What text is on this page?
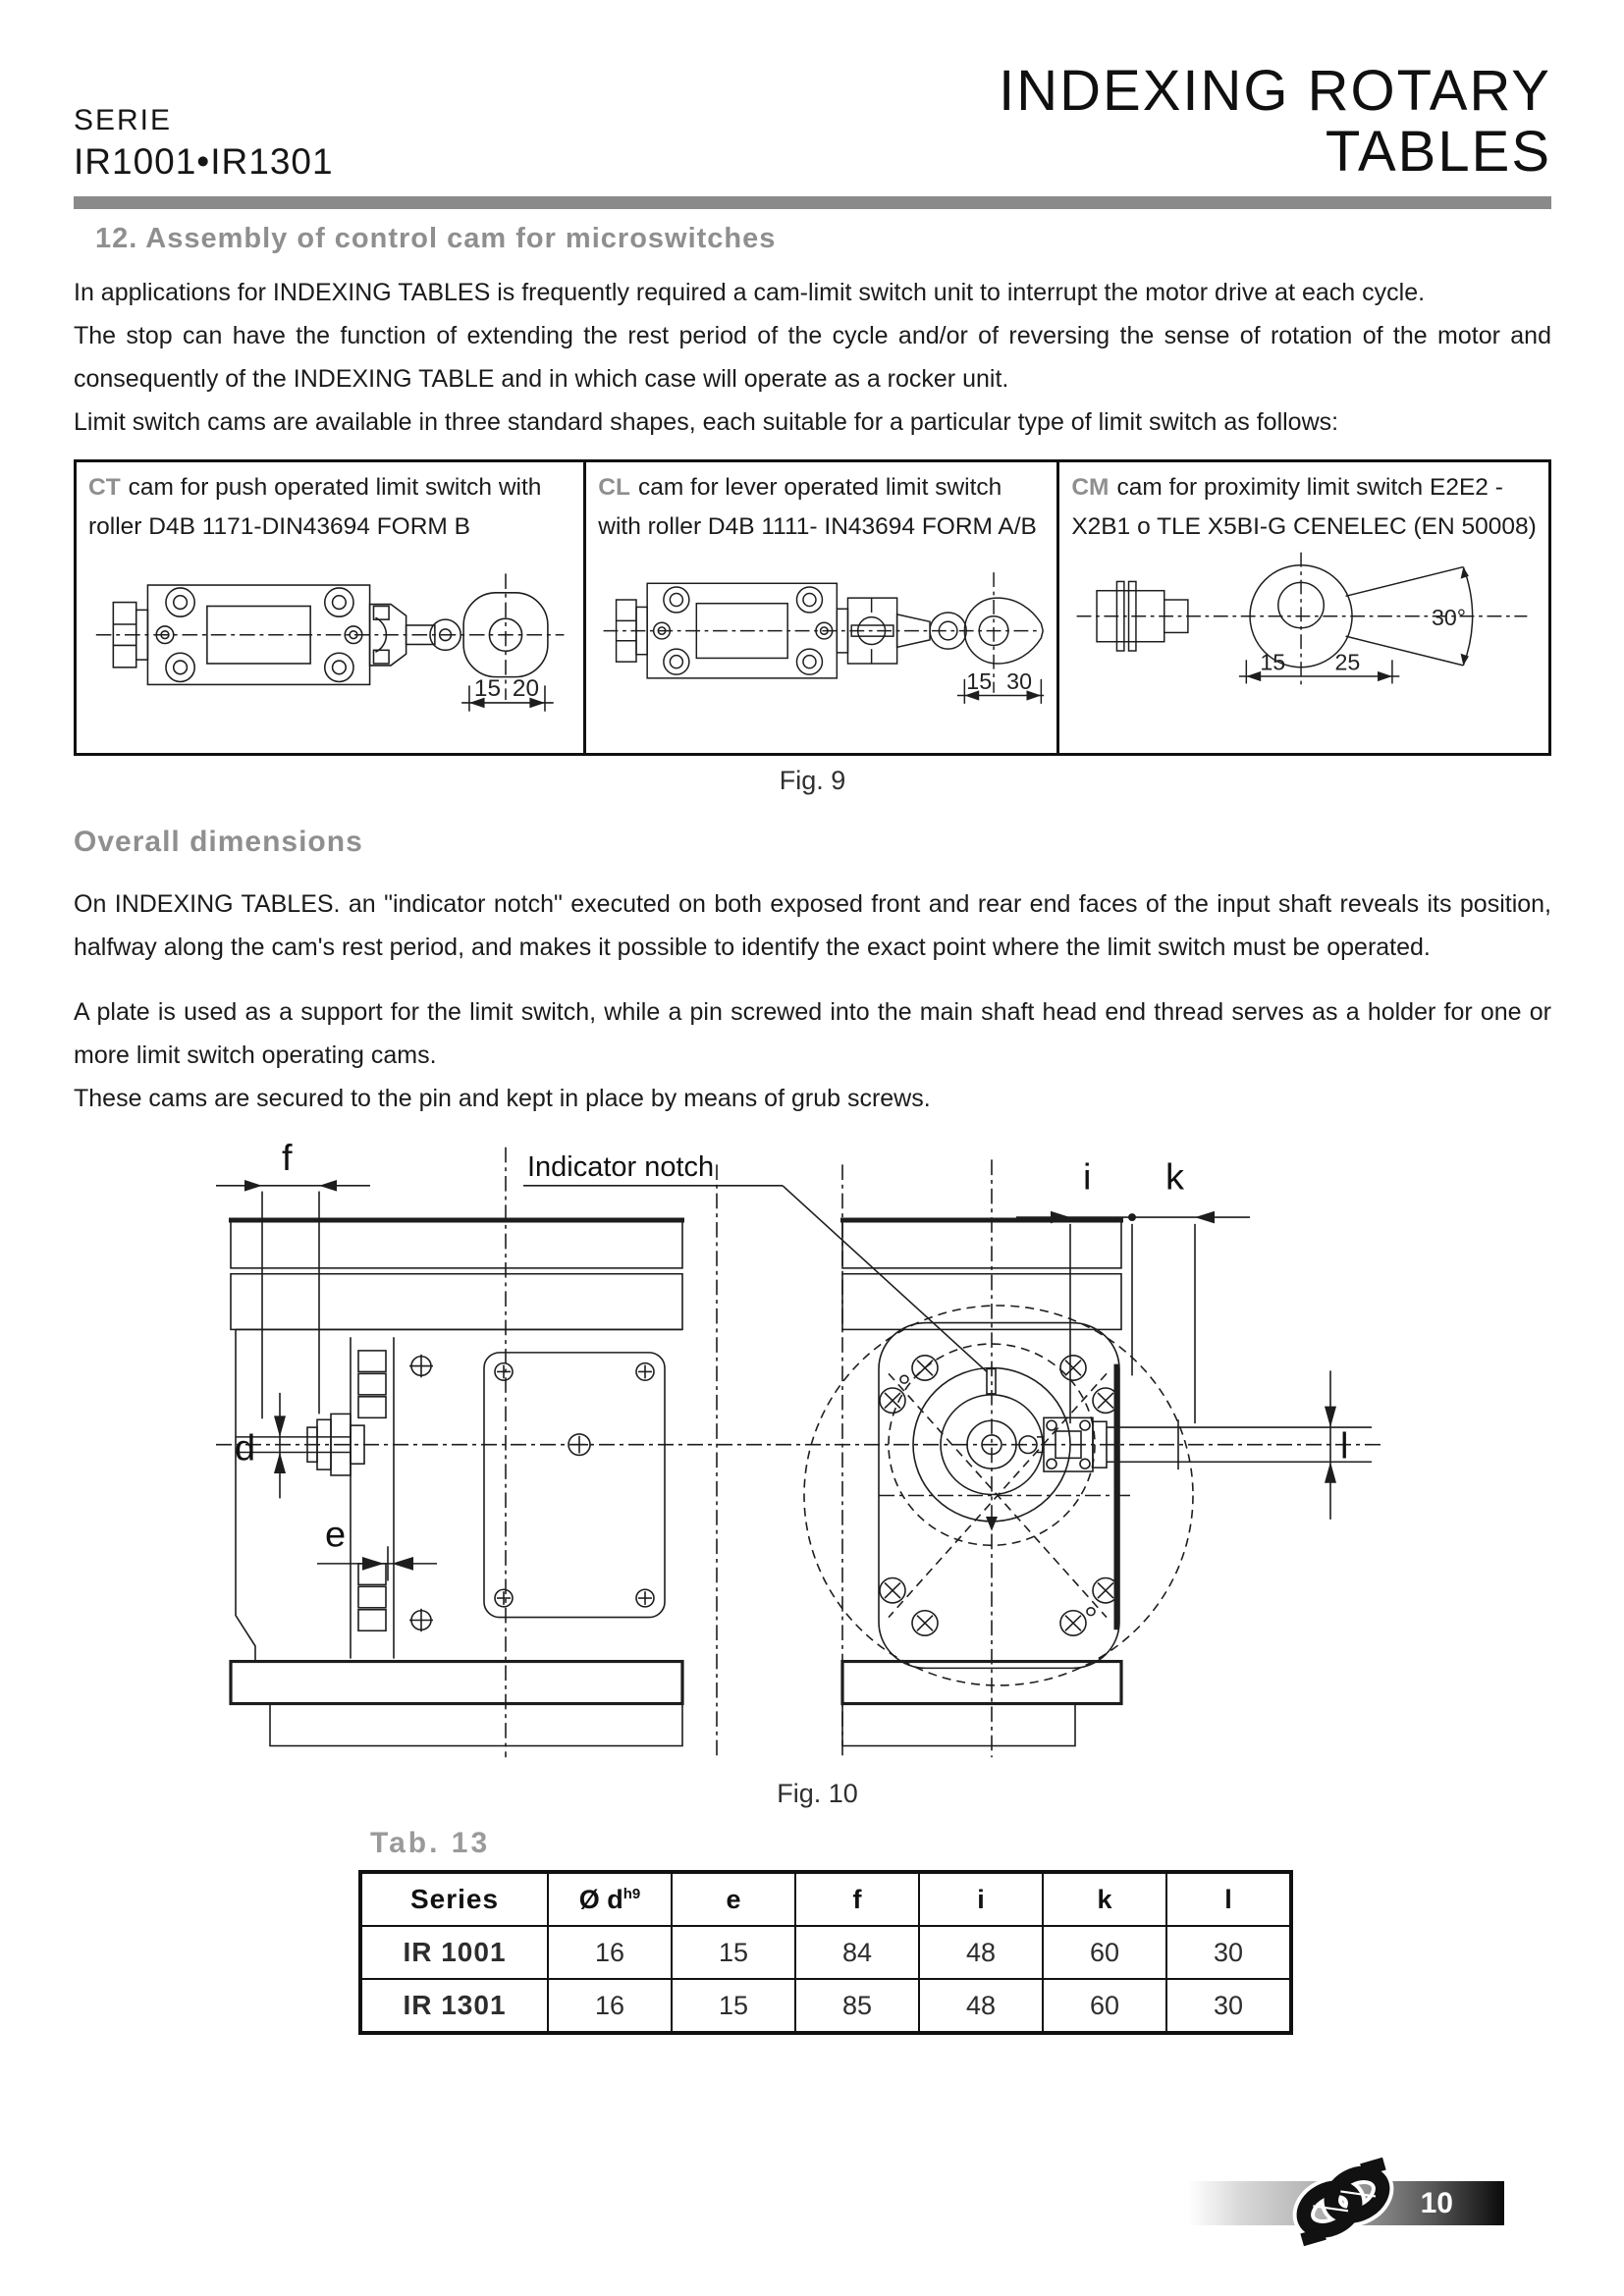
SERIE
IR1001•IR1301
INDEXING ROTARY
TABLES
12. Assembly of control cam for microswitches

In applications for INDEXING TABLES is frequently required a cam-limit switch unit to interrupt the motor drive at each cycle.

The stop can have the function of extending the rest period of the cycle and/or of reversing the sense of rotation of the motor and consequently of the INDEXING TABLE and in which case will operate as a rocker unit.

Limit switch cams are available in three standard shapes, each suitable for a particular type of limit switch as follows:

CT cam for push operated limit switch with roller D4B 1171-DIN43694 FORM B
15 20
CL cam for lever operated limit switch with roller D4B 1111- IN43694 FORM A/B
15 30
CM cam for proximity limit switch E2E2 - X2B1 o TLE X5BI-G CENELEC (EN 50008)
30°
15 25
Fig. 9
Overall dimensions

On INDEXING TABLES. an "indicator notch" executed on both exposed front and rear end faces of the input shaft reveals its position, halfway along the cam's rest period, and makes it possible to identify the exact point where the limit switch must be operated.

A plate is used as a support for the limit switch, while a pin screwed into the main shaft head end thread serves as a holder for one or more limit switch operating cams.

These cams are secured to the pin and kept in place by means of grub screws.

f
d
e
Indicator notch	i k
l
Fig. 10
Tab. 13
Series	Ø $d^{h9}$	e	f	i	k	l
IR 1001	16	15	84	48	60	30
IR 1301	16	15	85	48	60	30
10
